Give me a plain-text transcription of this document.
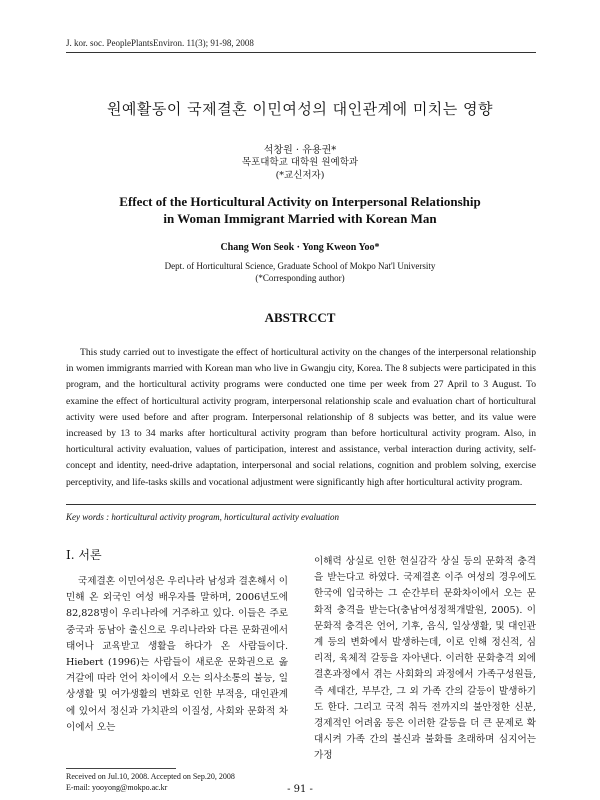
J. kor. soc. PeoplePlantsEnviron. 11(3); 91-98, 2008
원예활동이 국제결혼 이민여성의 대인관계에 미치는 영향
석창원 · 유용권*
목포대학교 대학원 원예학과
(*교신저자)
Effect of the Horticultural Activity on Interpersonal Relationship
in Woman Immigrant Married with Korean Man
Chang Won Seok · Yong Kweon Yoo*
Dept. of Horticultural Science, Graduate School of Mokpo Nat'l University
(*Corresponding author)
ABSTRCCT
This study carried out to investigate the effect of horticultural activity on the changes of the interpersonal relationship in women immigrants married with Korean man who live in Gwangju city, Korea. The 8 subjects were participated in this program, and the horticultural activity programs were conducted one time per week from 27 April to 3 August. To examine the effect of horticultural activity program, interpersonal relationship scale and evaluation chart of horticultural activity were used before and after program. Interpersonal relationship of 8 subjects was better, and its value were increased by 13 to 34 marks after horticultural activity program than before horticultural activity program. Also, in horticultural activity evaluation, values of participation, interest and assistance, verbal interaction during activity, self-concept and identity, need-drive adaptation, interpersonal and social relations, cognition and problem solving, exercise perceptivity, and life-tasks skills and vocational adjustment were significantly high after horticultural activity program.
Key words : horticultural activity program, horticultural activity evaluation
Ⅰ. 서론
국제결혼 이민여성은 우리나라 남성과 결혼해서 이민해 온 외국인 여성 배우자를 말하며, 2006년도에 82,828명이 우리나라에 거주하고 있다. 이들은 주로 중국과 동남아 출신으로 우리나라와 다른 문화권에서 태어나 교육받고 생활을 하다가 온 사람들이다. Hiebert (1996)는 사람들이 새로운 문화권으로 옮겨갈에 따라 언어 차이에서 오는 의사소통의 불능, 일상생활 및 여가생활의 변화로 인한 부적응, 대인관계에 있어서 정신과 가치관의 이질성, 사회와 문화적 차이에서 오는
이해력 상실로 인한 현실감각 상실 등의 문화적 충격을 받는다고 하였다. 국제결혼 이주 여성의 경우에도 한국에 입국하는 그 순간부터 문화차이에서 오는 문화적 충격을 받는다(충남여성정책개발원, 2005). 이 문화적 충격은 언어, 기후, 음식, 일상생활, 및 대인관계 등의 변화에서 발생하는데, 이로 인해 정신적, 심리적, 육체적 갈등을 자아낸다. 이러한 문화충격 외에 결혼과정에서 겪는 사회화의 과정에서 가족구성원들, 즉 세대간, 부부간, 그 외 가족 간의 갈등이 발생하기도 한다. 그리고 국적 취득 전까지의 불안정한 신분, 경제적인 어려움 등은 이러한 갈등을 더 큰 문제로 확대시켜 가족 간의 불신과 불화를 초래하며 심지어는 가정
Received on Jul.10, 2008. Accepted on Sep.20, 2008
E-mail: yooyong@mokpo.ac.kr	- 91 -
